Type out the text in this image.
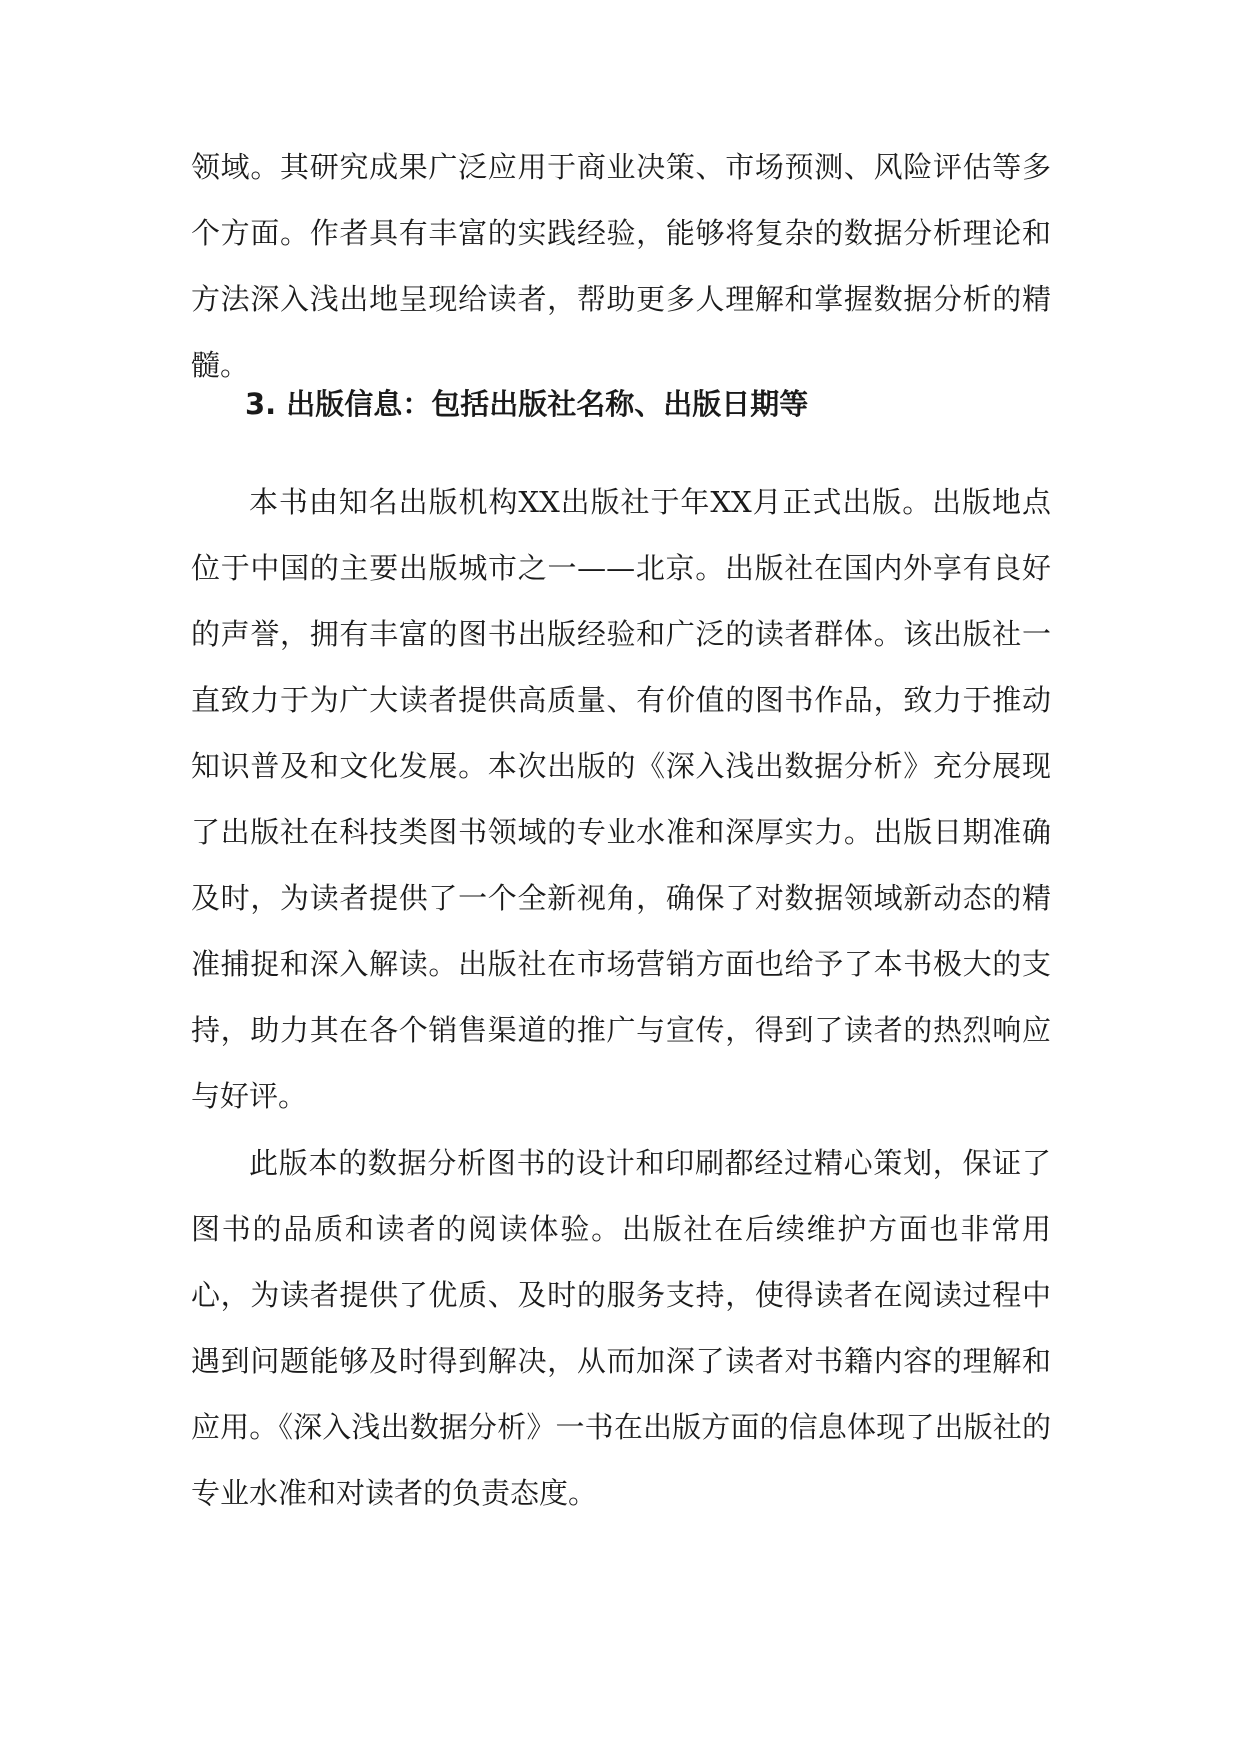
领域。其研究成果广泛应用于商业决策、市场预测、风险评估等多个方面。作者具有丰富的实践经验，能够将复杂的数据分析理论和方法深入浅出地呈现给读者，帮助更多人理解和掌握数据分析的精髓。

3. 出版信息：包括出版社名称、出版日期等

本书由知名出版机构XX出版社于年XX月正式出版。出版地点位于中国的主要出版城市之一——北京。出版社在国内外享有良好的声誉，拥有丰富的图书出版经验和广泛的读者群体。该出版社一直致力于为广大读者提供高质量、有价值的图书作品，致力于推动知识普及和文化发展。本次出版的《深入浅出数据分析》充分展现了出版社在科技类图书领域的专业水准和深厚实力。出版日期准确及时，为读者提供了一个全新视角，确保了对数据领域新动态的精准捕捉和深入解读。出版社在市场营销方面也给予了本书极大的支持，助力其在各个销售渠道的推广与宣传，得到了读者的热烈响应与好评。

此版本的数据分析图书的设计和印刷都经过精心策划，保证了图书的品质和读者的阅读体验。出版社在后续维护方面也非常用心，为读者提供了优质、及时的服务支持，使得读者在阅读过程中遇到问题能够及时得到解决，从而加深了读者对书籍内容的理解和应用。《深入浅出数据分析》一书在出版方面的信息体现了出版社的专业水准和对读者的负责态度。
